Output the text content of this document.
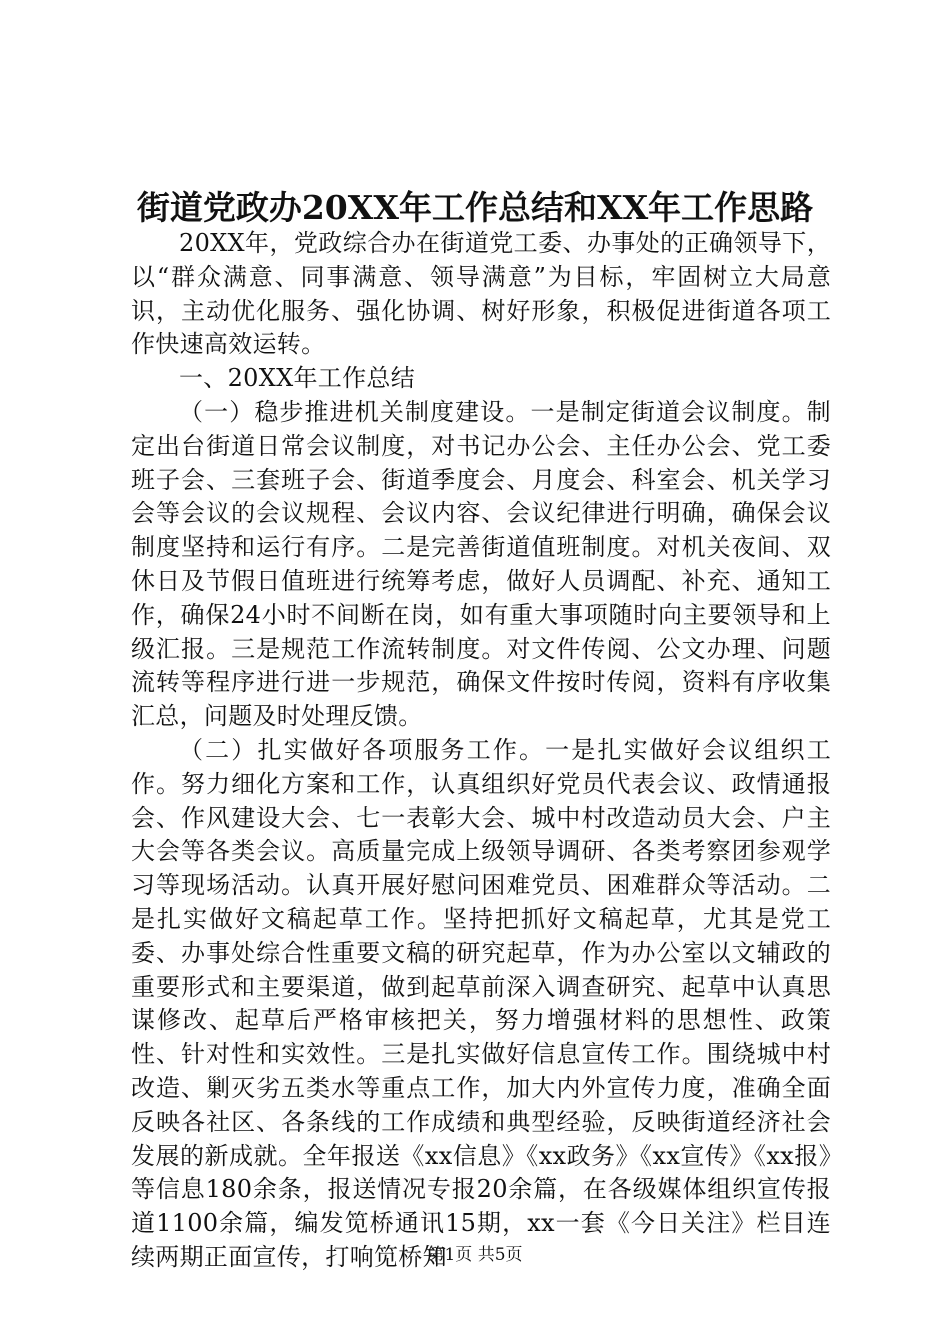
街道党政办20XX年工作总结和XX年工作思路

20XX年，党政综合办在街道党工委、办事处的正确领导下，以“群众满意、同事满意、领导满意”为目标，牢固树立大局意识，主动优化服务、强化协调、树好形象，积极促进街道各项工作快速高效运转。

一、20XX年工作总结

（一）稳步推进机关制度建设。一是制定街道会议制度。制定出台街道日常会议制度，对书记办公会、主任办公会、党工委班子会、三套班子会、街道季度会、月度会、科室会、机关学习会等会议的会议规程、会议内容、会议纪律进行明确，确保会议制度坚持和运行有序。二是完善街道值班制度。对机关夜间、双休日及节假日值班进行统筹考虑，做好人员调配、补充、通知工作，确保24小时不间断在岗，如有重大事项随时向主要领导和上级汇报。三是规范工作流转制度。对文件传阅、公文办理、问题流转等程序进行进一步规范，确保文件按时传阅，资料有序收集汇总，问题及时处理反馈。

（二）扎实做好各项服务工作。一是扎实做好会议组织工作。努力细化方案和工作，认真组织好党员代表会议、政情通报会、作风建设大会、七一表彰大会、城中村改造动员大会、户主大会等各类会议。高质量完成上级领导调研、各类考察团参观学习等现场活动。认真开展好慰问困难党员、困难群众等活动。二是扎实做好文稿起草工作。坚持把抓好文稿起草，尤其是党工委、办事处综合性重要文稿的研究起草，作为办公室以文辅政的重要形式和主要渠道，做到起草前深入调查研究、起草中认真思谋修改、起草后严格审核把关，努力增强材料的思想性、政策性、针对性和实效性。三是扎实做好信息宣传工作。围绕城中村改造、剿灭劣五类水等重点工作，加大内外宣传力度，准确全面反映各社区、各条线的工作成绩和典型经验，反映街道经济社会发展的新成就。全年报送《xx信息》《xx政务》《xx宣传》《xx报》等信息180余条，报送情况专报20余篇，在各级媒体组织宣传报道1100余篇，编发笕桥通讯15期，xx一套《今日关注》栏目连续两期正面宣传，打响笕桥知

第1页 共5页
